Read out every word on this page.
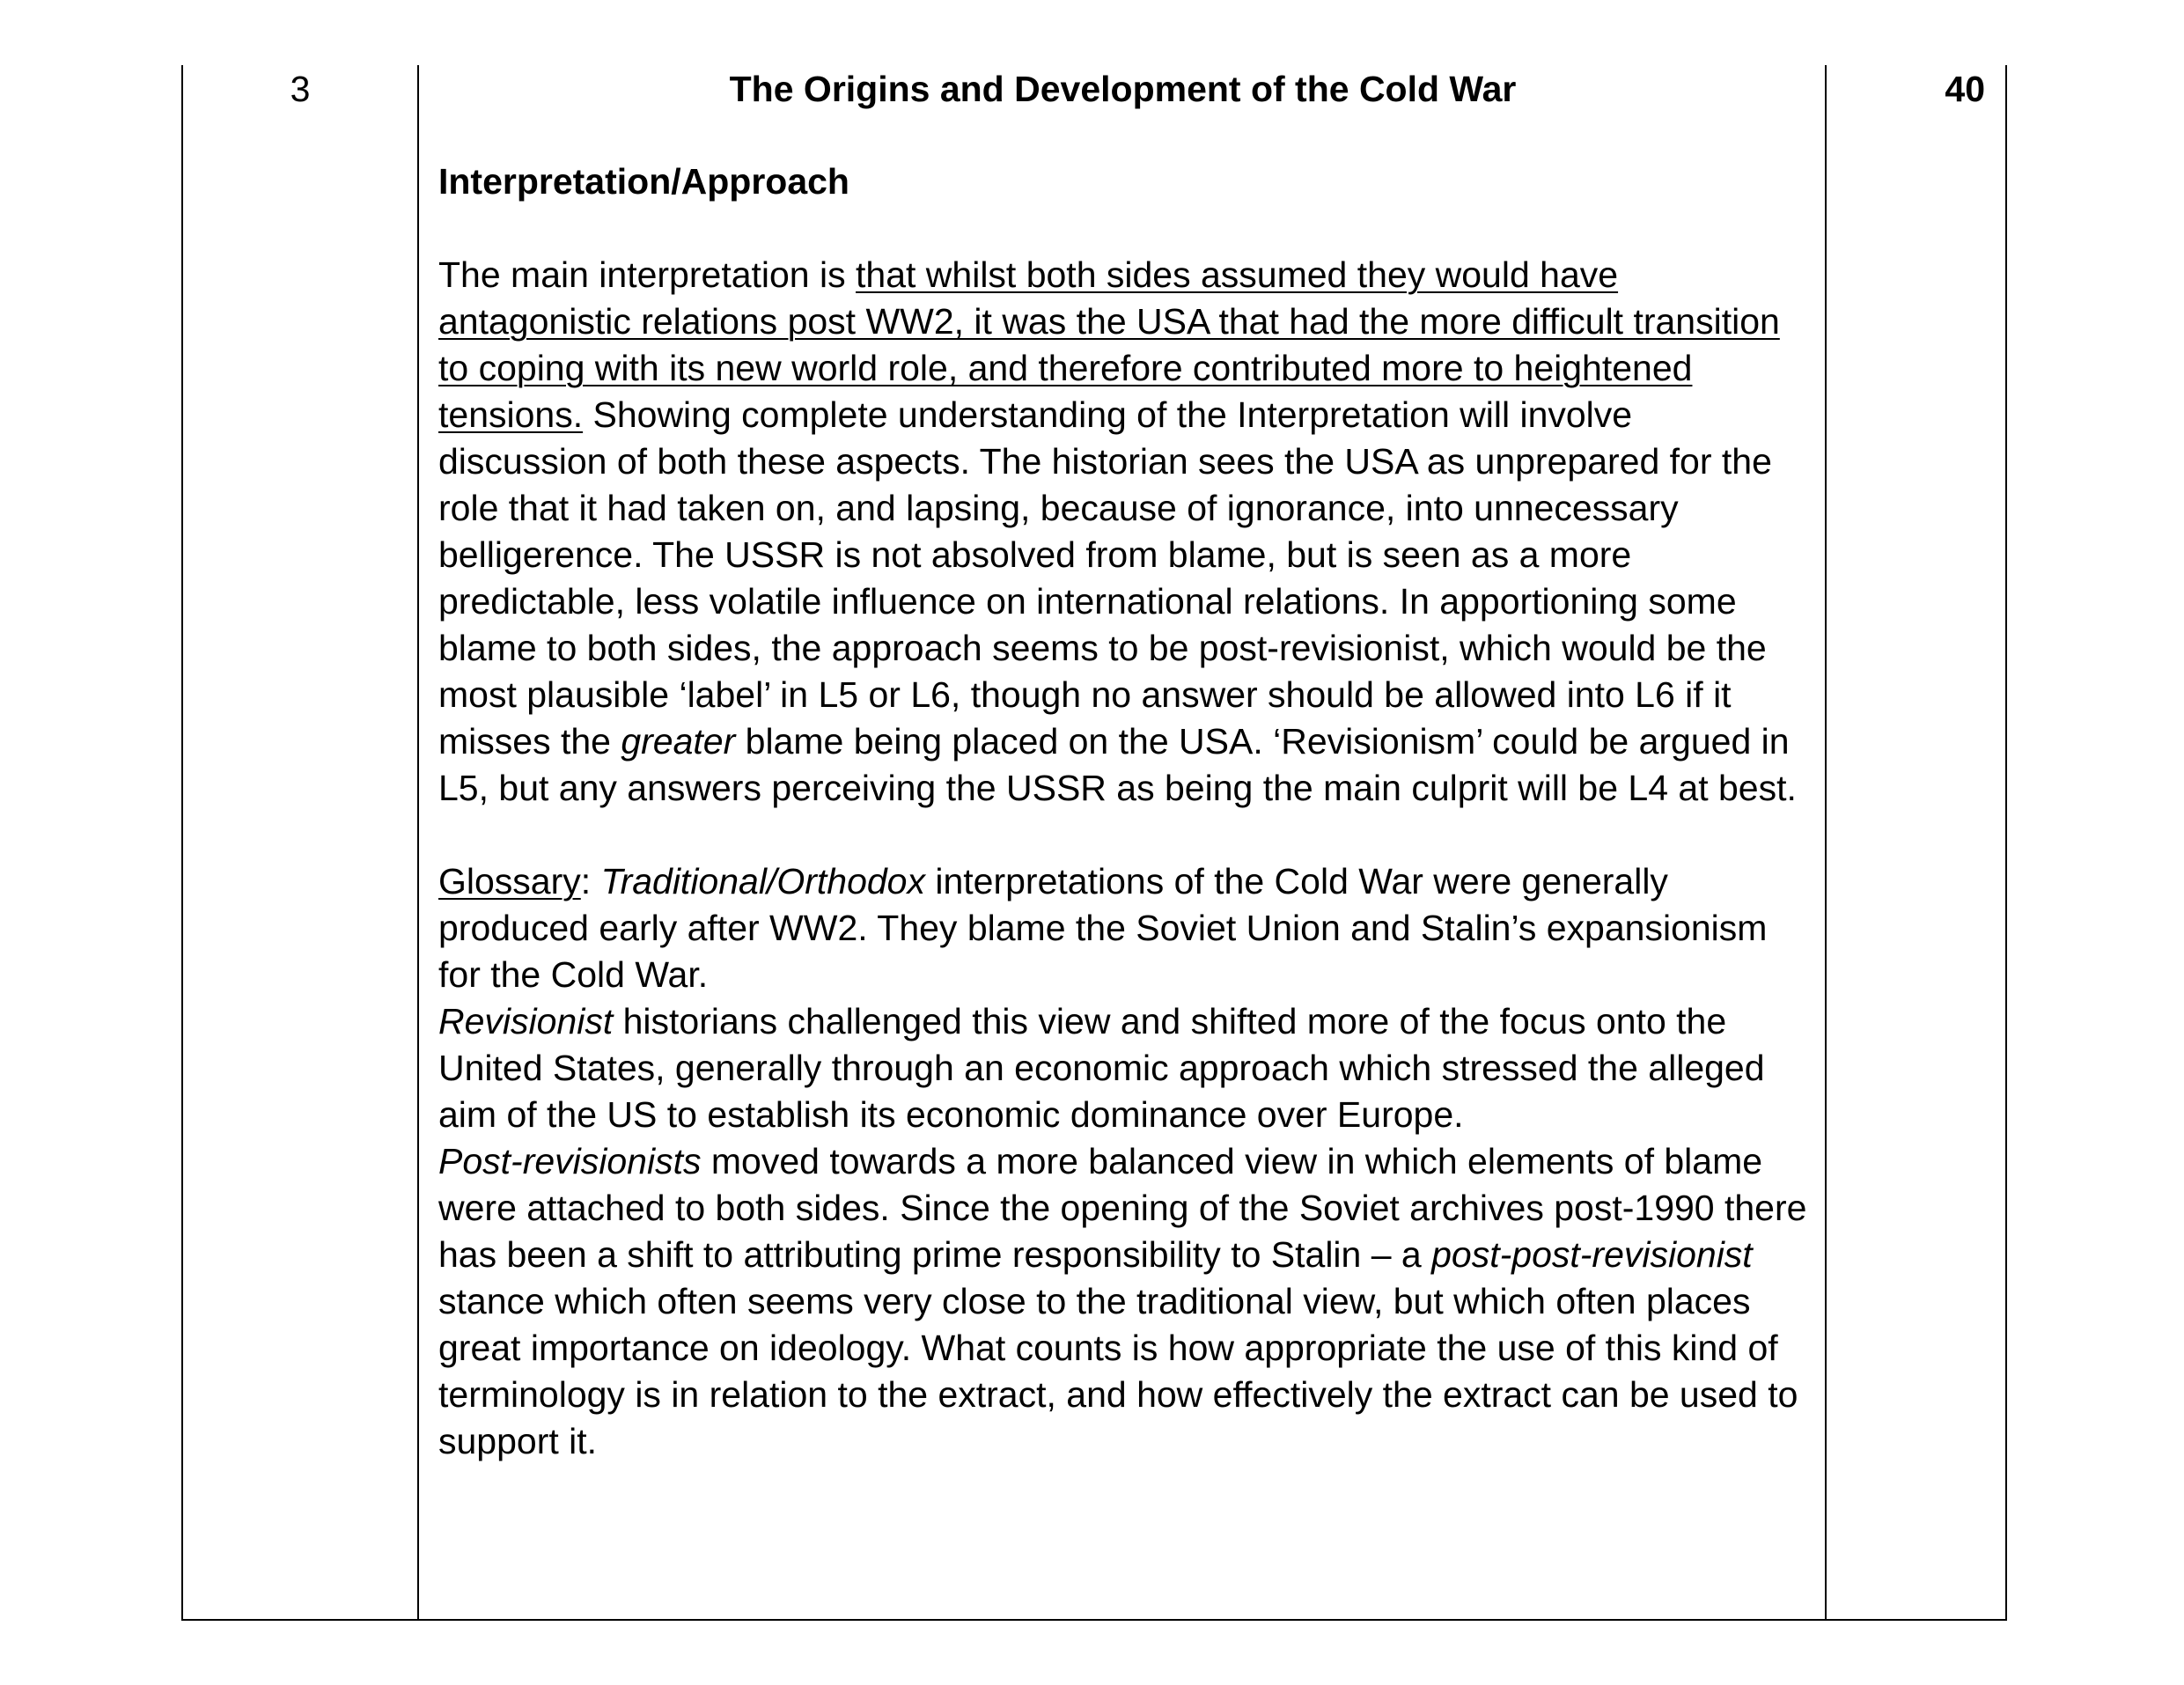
3	The Origins and Development of the Cold War

Interpretation/Approach

The main interpretation is that whilst both sides assumed they would have antagonistic relations post WW2, it was the USA that had the more difficult transition to coping with its new world role, and therefore contributed more to heightened tensions. Showing complete understanding of the Interpretation will involve discussion of both these aspects. The historian sees the USA as unprepared for the role that it had taken on, and lapsing, because of ignorance, into unnecessary belligerence. The USSR is not absolved from blame, but is seen as a more predictable, less volatile influence on international relations. In apportioning some blame to both sides, the approach seems to be post-revisionist, which would be the most plausible ‘label’ in L5 or L6, though no answer should be allowed into L6 if it misses the greater blame being placed on the USA. ‘Revisionism’ could be argued in L5, but any answers perceiving the USSR as being the main culprit will be L4 at best.

Glossary: Traditional/Orthodox interpretations of the Cold War were generally produced early after WW2. They blame the Soviet Union and Stalin’s expansionism for the Cold War.

Revisionist historians challenged this view and shifted more of the focus onto the United States, generally through an economic approach which stressed the alleged aim of the US to establish its economic dominance over Europe.

Post-revisionists moved towards a more balanced view in which elements of blame were attached to both sides. Since the opening of the Soviet archives post-1990 there has been a shift to attributing prime responsibility to Stalin – a post-post-revisionist stance which often seems very close to the traditional view, but which often places great importance on ideology. What counts is how appropriate the use of this kind of terminology is in relation to the extract, and how effectively the extract can be used to support it.

40
